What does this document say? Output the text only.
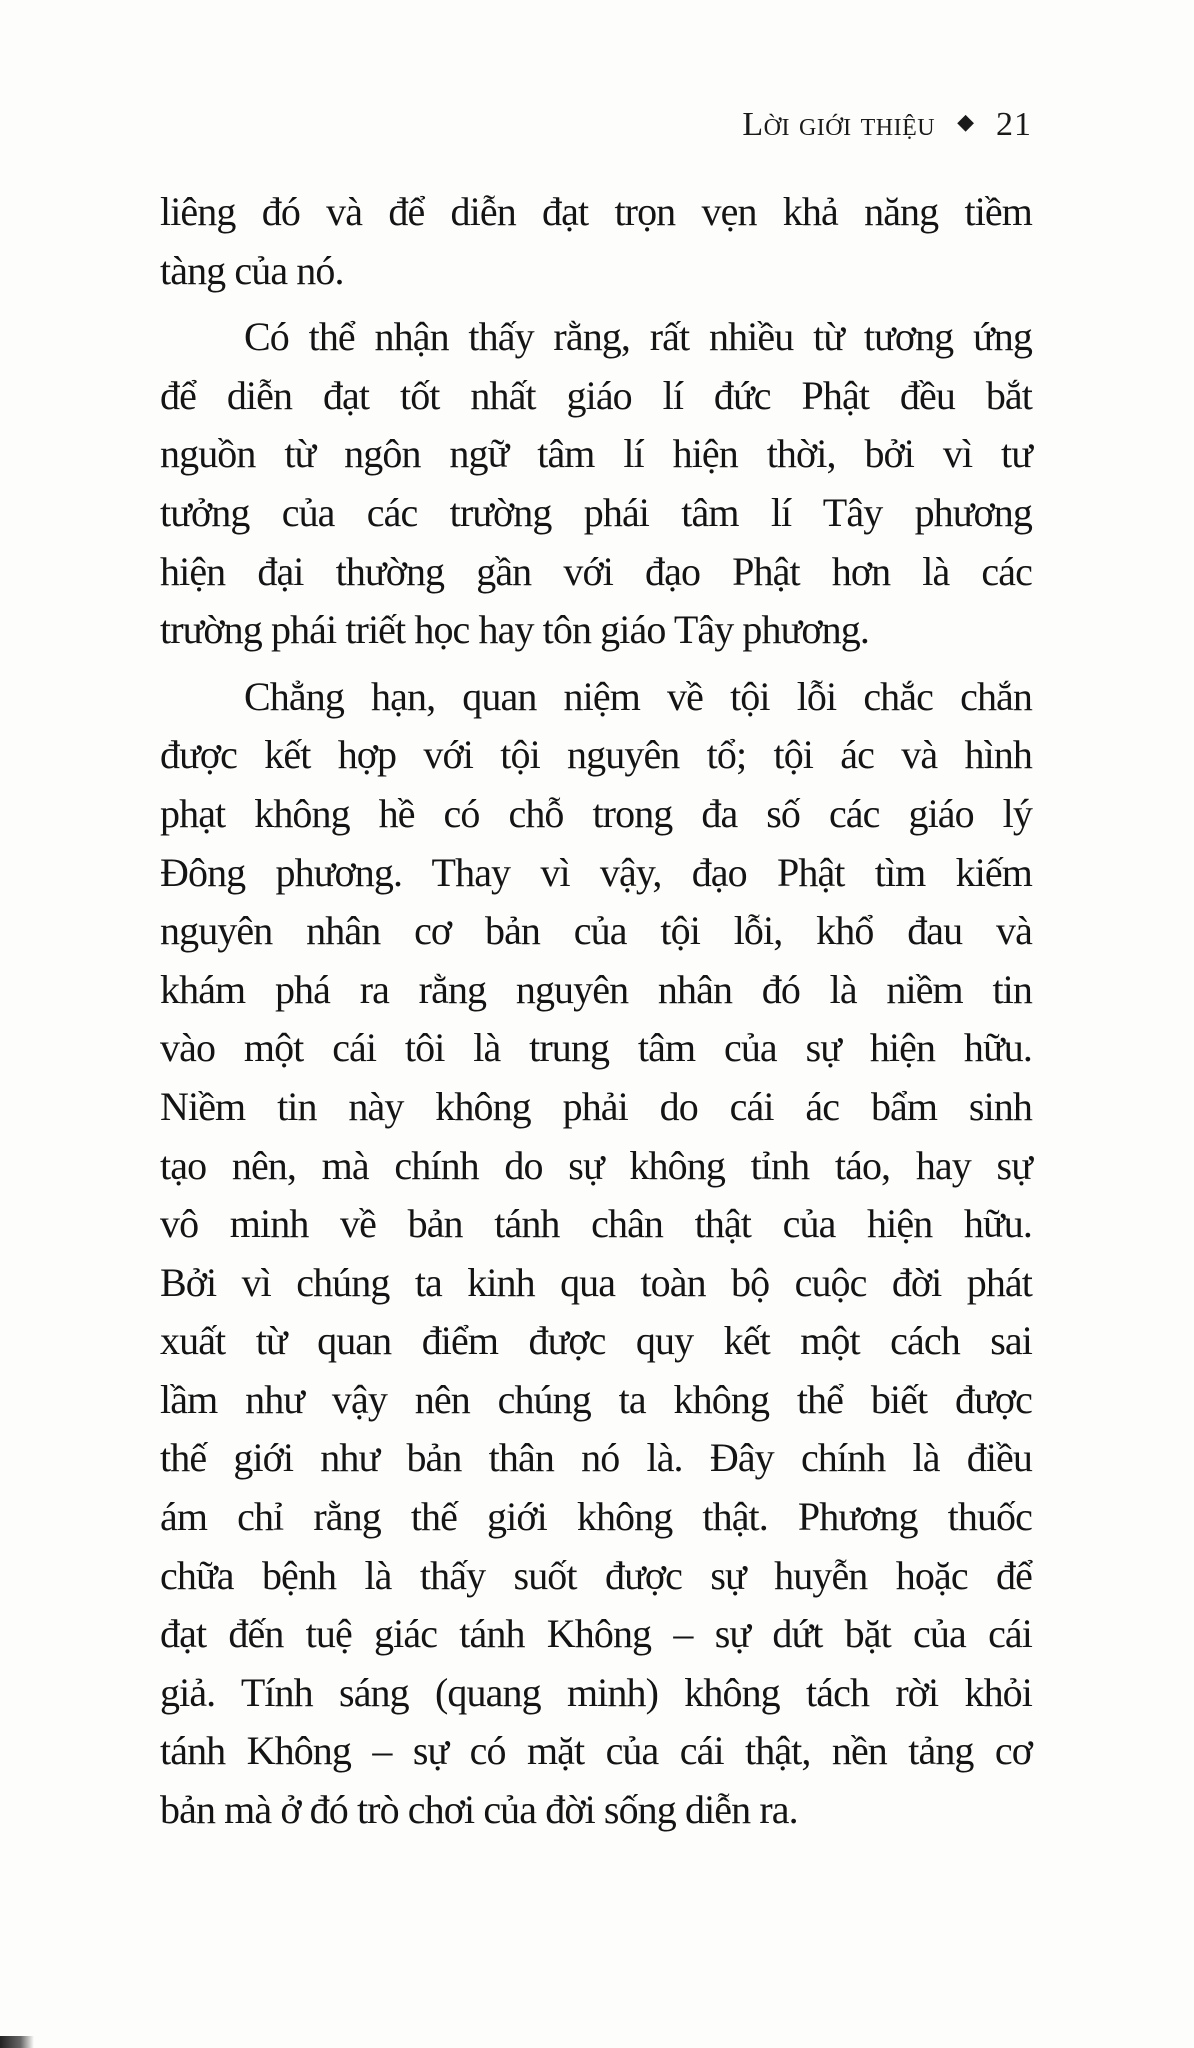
Lời giới thiệu ◆ 21
liêng đó và để diễn đạt trọn vẹn khả năng tiềm
tàng của nó.
Có thể nhận thấy rằng, rất nhiều từ tương ứng
để diễn đạt tốt nhất giáo lí đức Phật đều bắt
nguồn từ ngôn ngữ tâm lí hiện thời, bởi vì tư
tưởng của các trường phái tâm lí Tây phương
hiện đại thường gần với đạo Phật hơn là các
trường phái triết học hay tôn giáo Tây phương.
Chẳng hạn, quan niệm về tội lỗi chắc chắn
được kết hợp với tội nguyên tổ; tội ác và hình
phạt không hề có chỗ trong đa số các giáo lý
Đông phương. Thay vì vậy, đạo Phật tìm kiếm
nguyên nhân cơ bản của tội lỗi, khổ đau và
khám phá ra rằng nguyên nhân đó là niềm tin
vào một cái tôi là trung tâm của sự hiện hữu.
Niềm tin này không phải do cái ác bẩm sinh
tạo nên, mà chính do sự không tỉnh táo, hay sự
vô minh về bản tánh chân thật của hiện hữu.
Bởi vì chúng ta kinh qua toàn bộ cuộc đời phát
xuất từ quan điểm được quy kết một cách sai
lầm như vậy nên chúng ta không thể biết được
thế giới như bản thân nó là. Đây chính là điều
ám chỉ rằng thế giới không thật. Phương thuốc
chữa bệnh là thấy suốt được sự huyễn hoặc để
đạt đến tuệ giác tánh Không – sự dứt bặt của cái
giả. Tính sáng (quang minh) không tách rời khỏi
tánh Không – sự có mặt của cái thật, nền tảng cơ
bản mà ở đó trò chơi của đời sống diễn ra.
